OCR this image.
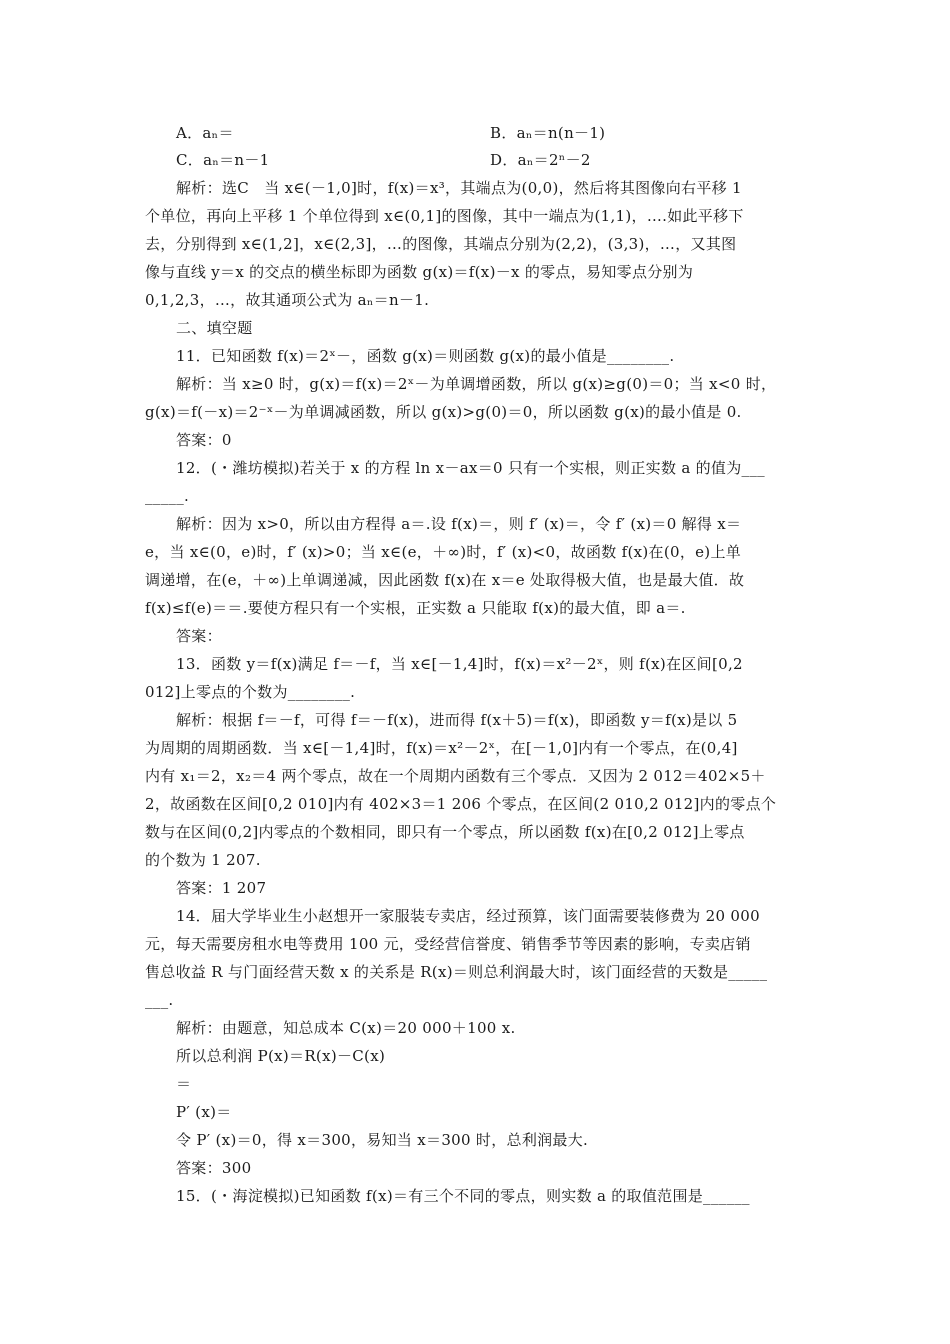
A．aₙ＝	B．aₙ＝n(n－1)
C．aₙ＝n－1	D．aₙ＝2ⁿ－2
解析：选C　当 x∈(－1,0]时，f(x)＝x³，其端点为(0,0)，然后将其图像向右平移 1
个单位，再向上平移 1 个单位得到 x∈(0,1]的图像，其中一端点为(1,1)，….如此平移下
去，分别得到 x∈(1,2]，x∈(2,3]，…的图像，其端点分别为(2,2)，(3,3)，…，又其图
像与直线 y＝x 的交点的横坐标即为函数 g(x)＝f(x)－x 的零点，易知零点分别为
0,1,2,3，…，故其通项公式为 aₙ＝n－1.
二、填空题
11．已知函数 f(x)＝2ˣ－，函数 g(x)＝则函数 g(x)的最小值是________.
解析：当 x≥0 时，g(x)＝f(x)＝2ˣ－为单调增函数，所以 g(x)≥g(0)＝0；当 x<0 时，
g(x)＝f(－x)＝2⁻ˣ－为单调减函数，所以 g(x)>g(0)＝0，所以函数 g(x)的最小值是 0.
答案：0
12．(・潍坊模拟)若关于 x 的方程 ln x－ax＝0 只有一个实根，则正实数 a 的值为___
_____.
解析：因为 x>0，所以由方程得 a＝.设 f(x)＝，则 f′ (x)＝，令 f′ (x)＝0 解得 x＝
e，当 x∈(0，e)时，f′ (x)>0；当 x∈(e，＋∞)时，f′ (x)<0，故函数 f(x)在(0，e)上单
调递增，在(e，＋∞)上单调递减，因此函数 f(x)在 x＝e 处取得极大值，也是最大值．故
f(x)≤f(e)＝＝.要使方程只有一个实根，正实数 a 只能取 f(x)的最大值，即 a＝.
答案：
13．函数 y＝f(x)满足 f＝－f，当 x∈[－1,4]时，f(x)＝x²－2ˣ，则 f(x)在区间[0,2
012]上零点的个数为________.
解析：根据 f＝－f，可得 f＝－f(x)，进而得 f(x＋5)＝f(x)，即函数 y＝f(x)是以 5
为周期的周期函数．当 x∈[－1,4]时，f(x)＝x²－2ˣ，在[－1,0]内有一个零点，在(0,4]
内有 x₁＝2，x₂＝4 两个零点，故在一个周期内函数有三个零点．又因为 2 012＝402×5＋
2，故函数在区间[0,2 010]内有 402×3＝1 206 个零点，在区间(2 010,2 012]内的零点个
数与在区间(0,2]内零点的个数相同，即只有一个零点，所以函数 f(x)在[0,2 012]上零点
的个数为 1 207.
答案：1 207
14．届大学毕业生小赵想开一家服装专卖店，经过预算，该门面需要装修费为 20 000
元，每天需要房租水电等费用 100 元，受经营信誉度、销售季节等因素的影响，专卖店销
售总收益 R 与门面经营天数 x 的关系是 R(x)＝则总利润最大时，该门面经营的天数是_____
___.
解析：由题意，知总成本 C(x)＝20 000＋100 x.
所以总利润 P(x)＝R(x)－C(x)
＝
P′ (x)＝
令 P′ (x)＝0，得 x＝300，易知当 x＝300 时，总利润最大.
答案：300
15．(・海淀模拟)已知函数 f(x)＝有三个不同的零点，则实数 a 的取值范围是______
